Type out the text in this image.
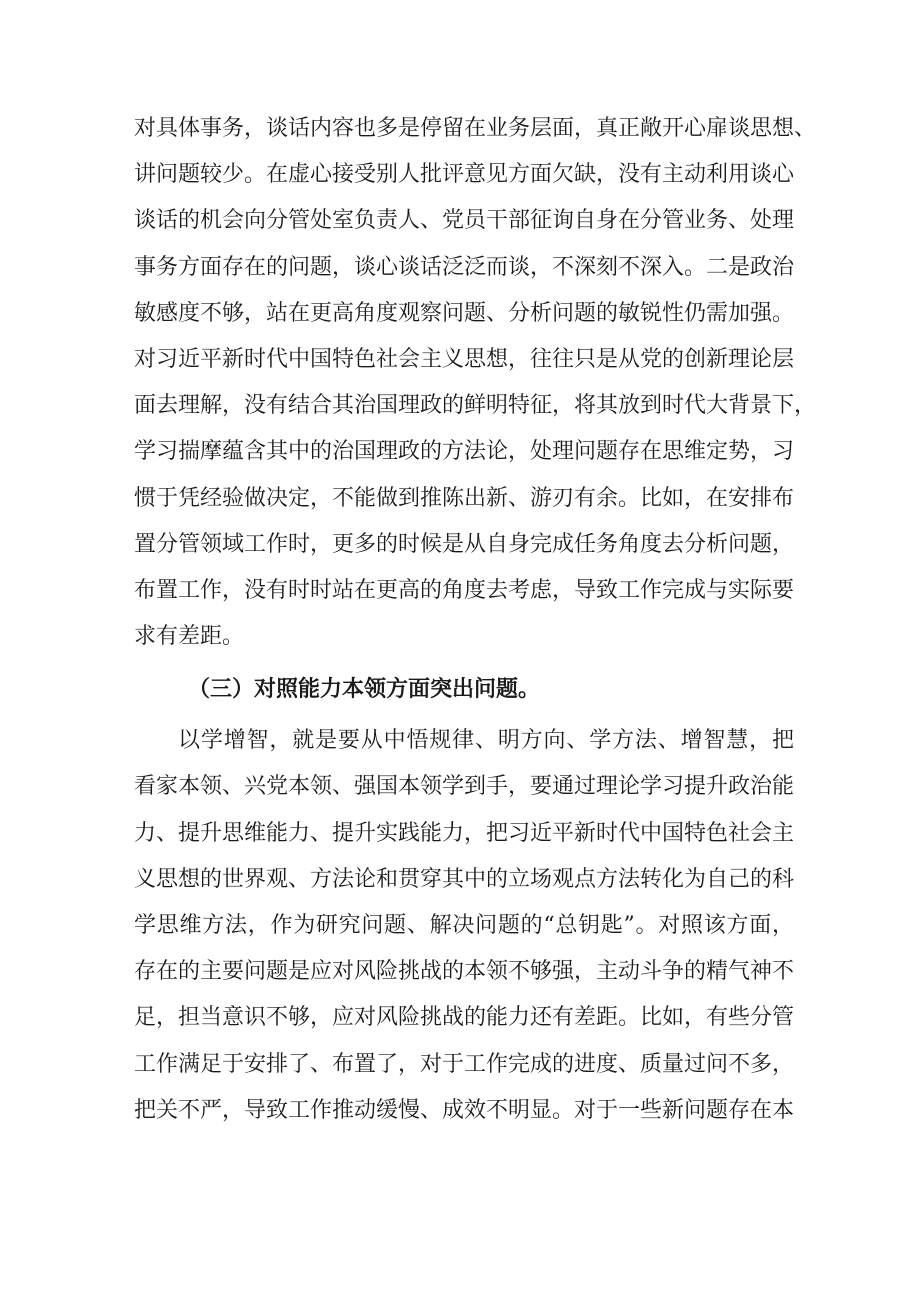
对具体事务，谈话内容也多是停留在业务层面，真正敞开心扉谈思想、
讲问题较少。在虚心接受别人批评意见方面欠缺，没有主动利用谈心
谈话的机会向分管处室负责人、党员干部征询自身在分管业务、处理
事务方面存在的问题，谈心谈话泛泛而谈，不深刻不深入。二是政治
敏感度不够，站在更高角度观察问题、分析问题的敏锐性仍需加强。
对习近平新时代中国特色社会主义思想，往往只是从党的创新理论层
面去理解，没有结合其治国理政的鲜明特征，将其放到时代大背景下，
学习揣摩蕴含其中的治国理政的方法论，处理问题存在思维定势，习
惯于凭经验做决定，不能做到推陈出新、游刃有余。比如，在安排布
置分管领域工作时，更多的时候是从自身完成任务角度去分析问题，
布置工作，没有时时站在更高的角度去考虑，导致工作完成与实际要
求有差距。
（三）对照能力本领方面突出问题。
以学增智，就是要从中悟规律、明方向、学方法、增智慧，把
看家本领、兴党本领、强国本领学到手，要通过理论学习提升政治能
力、提升思维能力、提升实践能力，把习近平新时代中国特色社会主
义思想的世界观、方法论和贯穿其中的立场观点方法转化为自己的科
学思维方法，作为研究问题、解决问题的“总钥匙”。对照该方面，
存在的主要问题是应对风险挑战的本领不够强，主动斗争的精气神不
足，担当意识不够，应对风险挑战的能力还有差距。比如，有些分管
工作满足于安排了、布置了，对于工作完成的进度、质量过问不多，
把关不严，导致工作推动缓慢、成效不明显。对于一些新问题存在本
